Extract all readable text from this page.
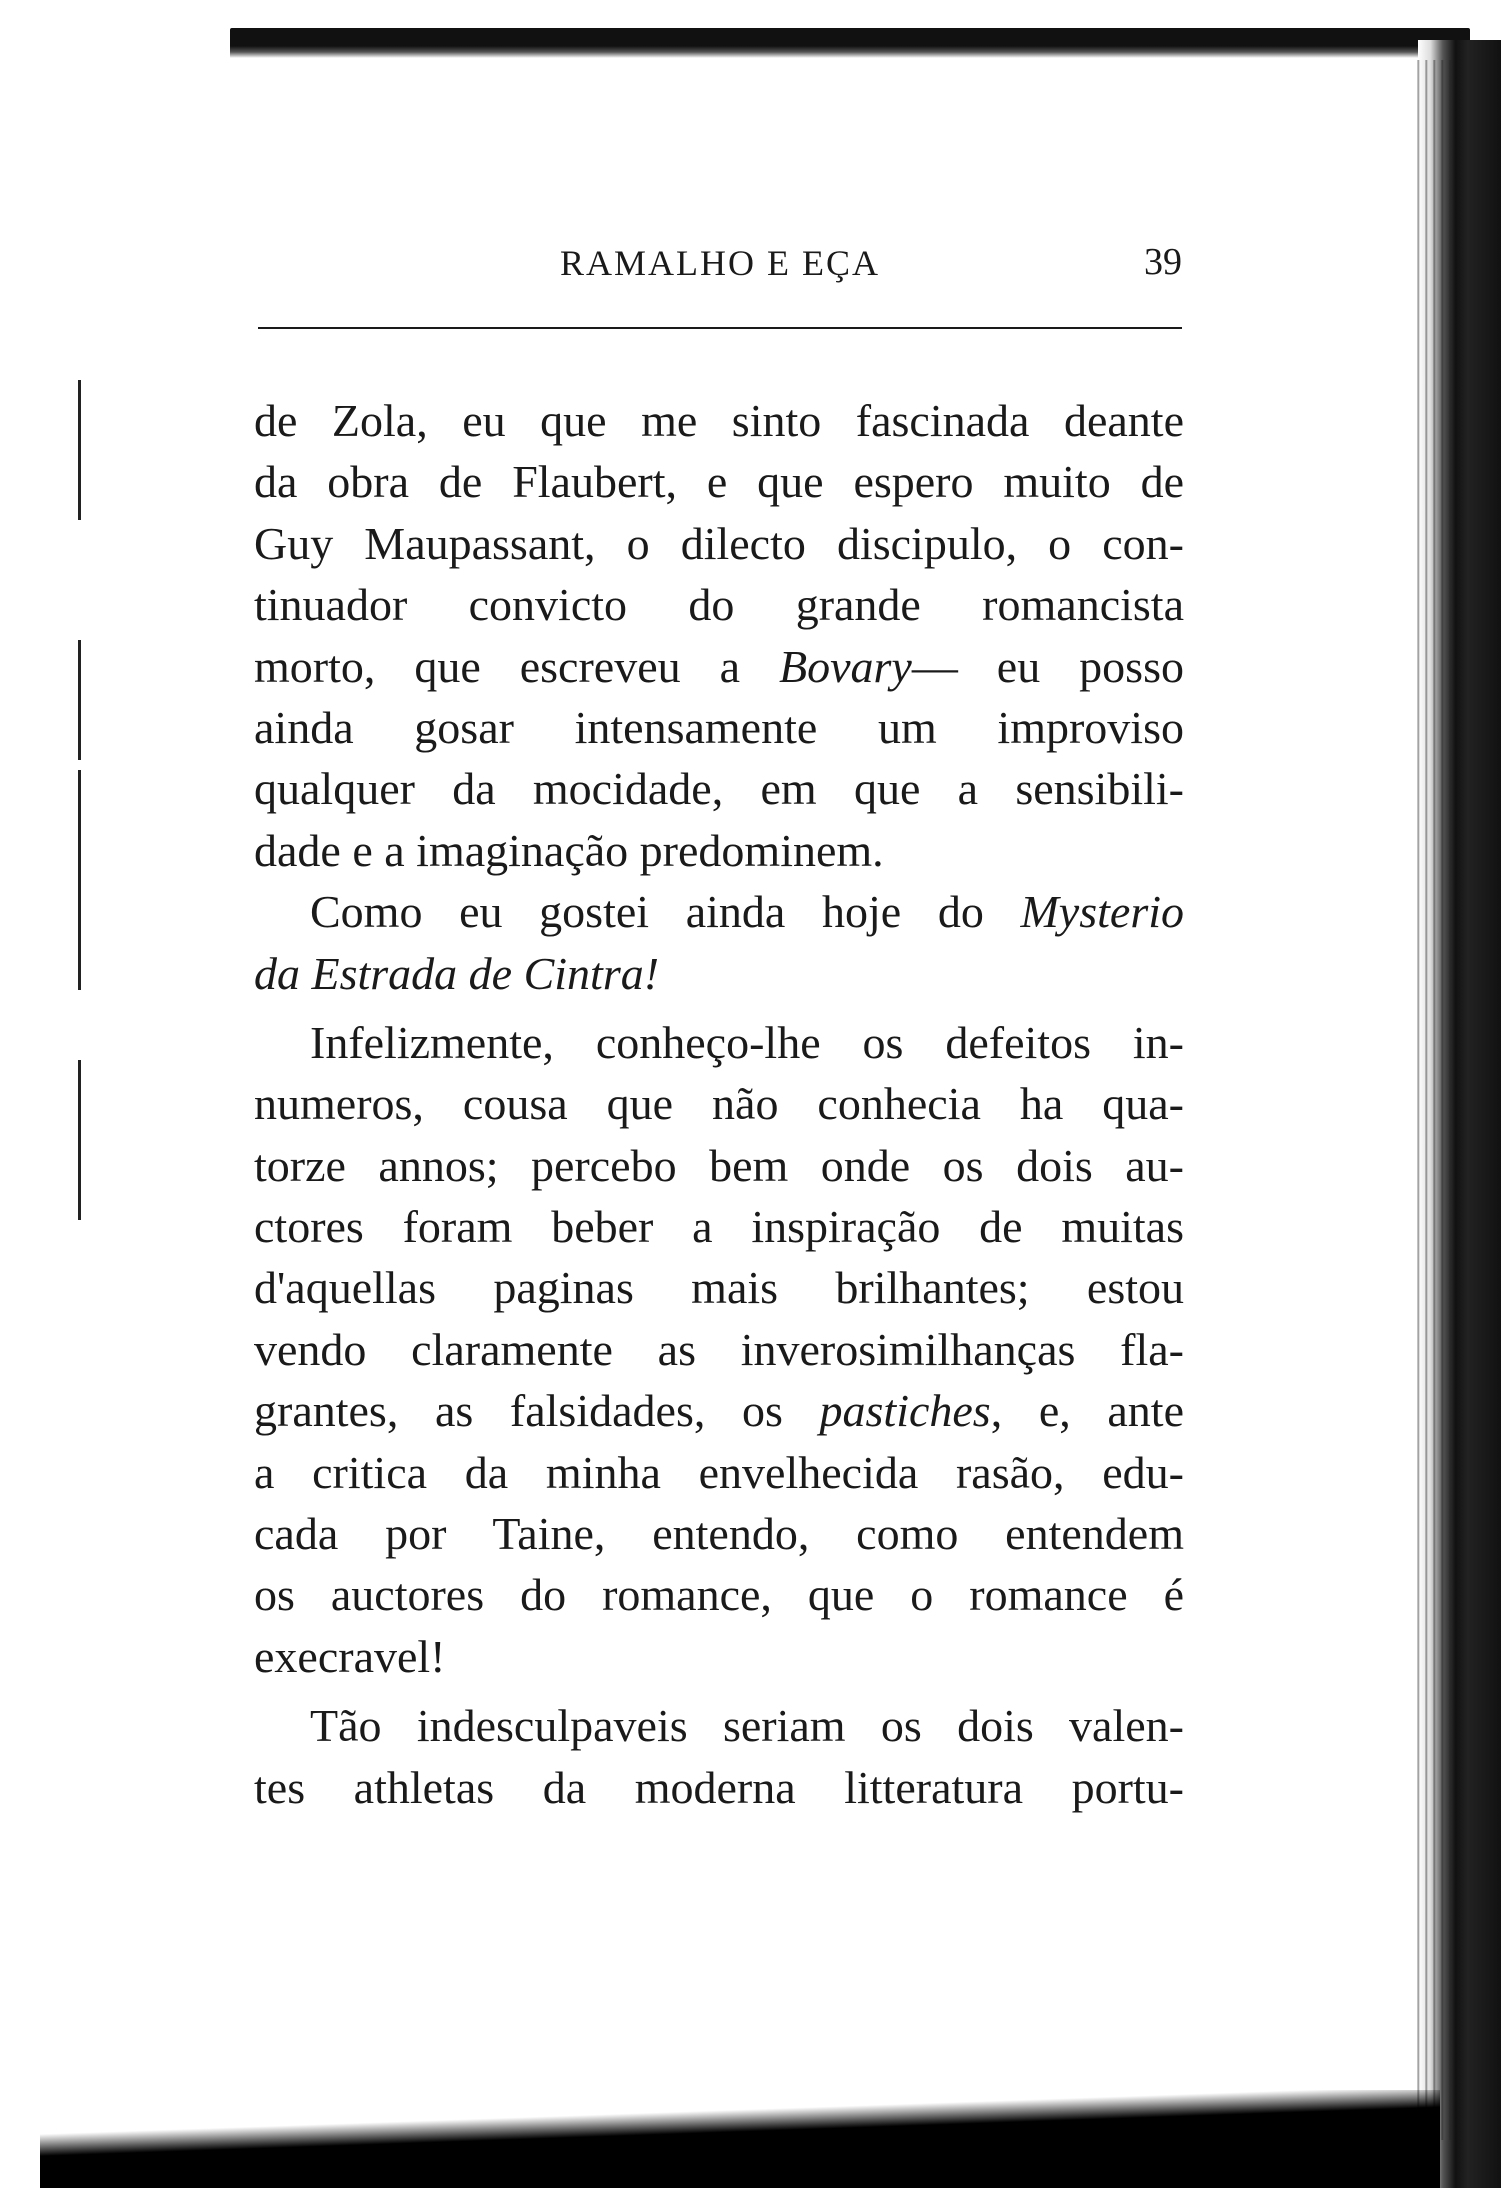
RAMALHO E EÇA	39
de Zola, eu que me sinto fascinada deante
da obra de Flaubert, e que espero muito de
Guy Maupassant, o dilecto discipulo, o con-
tinuador convicto do grande romancista
morto, que escreveu a Bovary— eu posso
ainda gosar intensamente um improviso
qualquer da mocidade, em que a sensibili-
dade e a imaginação predominem.
Como eu gostei ainda hoje do Mysterio
da Estrada de Cintra!
Infelizmente, conheço-lhe os defeitos in-
numeros, cousa que não conhecia ha qua-
torze annos; percebo bem onde os dois au-
ctores foram beber a inspiração de muitas
d'aquellas paginas mais brilhantes; estou
vendo claramente as inverosimilhanças fla-
grantes, as falsidades, os pastiches, e, ante
a critica da minha envelhecida rasão, edu-
cada por Taine, entendo, como entendem
os auctores do romance, que o romance é
execravel!
Tão indesculpaveis seriam os dois valen-
tes athletas da moderna litteratura portu-
